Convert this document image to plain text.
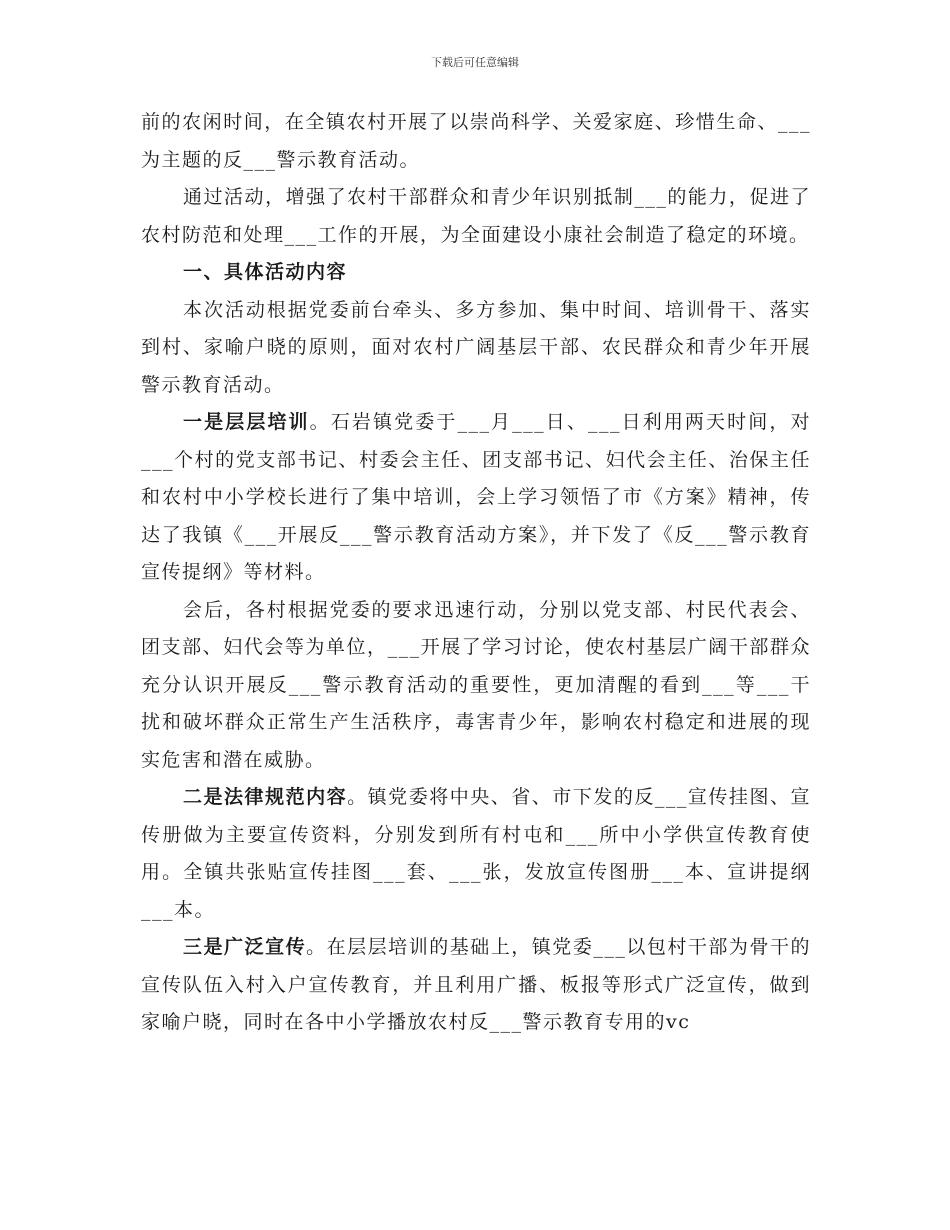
下载后可任意编辑

前的农闲时间，在全镇农村开展了以崇尚科学、关爱家庭、珍惜生命、___为主题的反___警示教育活动。

通过活动，增强了农村干部群众和青少年识别抵制___的能力，促进了农村防范和处理___工作的开展，为全面建设小康社会制造了稳定的环境。

一、具体活动内容

本次活动根据党委前台牵头、多方参加、集中时间、培训骨干、落实到村、家喻户晓的原则，面对农村广阔基层干部、农民群众和青少年开展警示教育活动。

一是层层培训。石岩镇党委于___月___日、___日利用两天时间，对___个村的党支部书记、村委会主任、团支部书记、妇代会主任、治保主任和农村中小学校长进行了集中培训，会上学习领悟了市《方案》精神，传达了我镇《___开展反___警示教育活动方案》，并下发了《反___警示教育宣传提纲》等材料。

会后，各村根据党委的要求迅速行动，分别以党支部、村民代表会、团支部、妇代会等为单位，___开展了学习讨论，使农村基层广阔干部群众充分认识开展反___警示教育活动的重要性，更加清醒的看到___等___干扰和破坏群众正常生产生活秩序，毒害青少年，影响农村稳定和进展的现实危害和潜在威胁。

二是法律规范内容。镇党委将中央、省、市下发的反___宣传挂图、宣传册做为主要宣传资料，分别发到所有村屯和___所中小学供宣传教育使用。全镇共张贴宣传挂图___套、___张，发放宣传图册___本、宣讲提纲___本。

三是广泛宣传。在层层培训的基础上，镇党委___以包村干部为骨干的宣传队伍入村入户宣传教育，并且利用广播、板报等形式广泛宣传，做到家喻户晓，同时在各中小学播放农村反___警示教育专用的vc
